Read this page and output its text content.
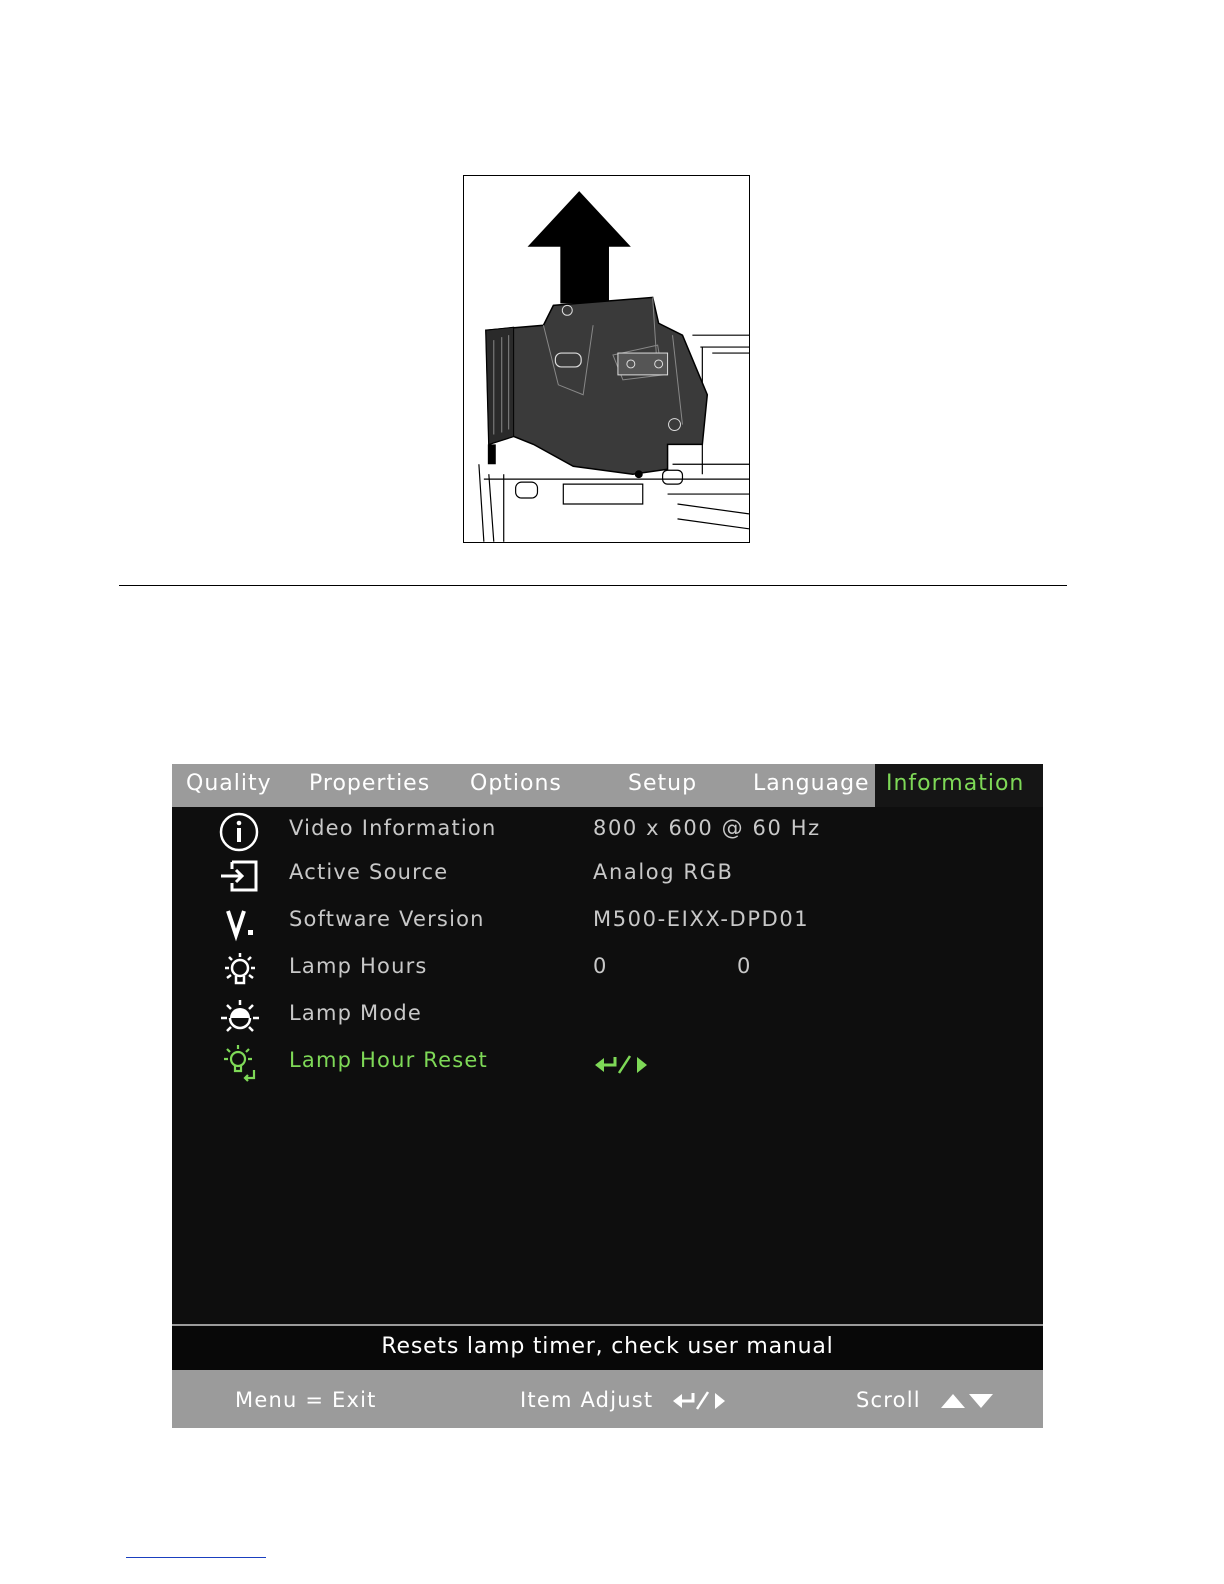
Quality Properties Options	Setup	Language Information
Video Information	800 x 600 @ 60 Hz
Active Source	Analog RGB
Software Version	M500-EIXX-DPD01
Lamp Hours	0	0
Lamp Mode
Lamp Hour Reset
Resets lamp timer, check user manual
Menu = Exit	Item Adjust	Scroll
